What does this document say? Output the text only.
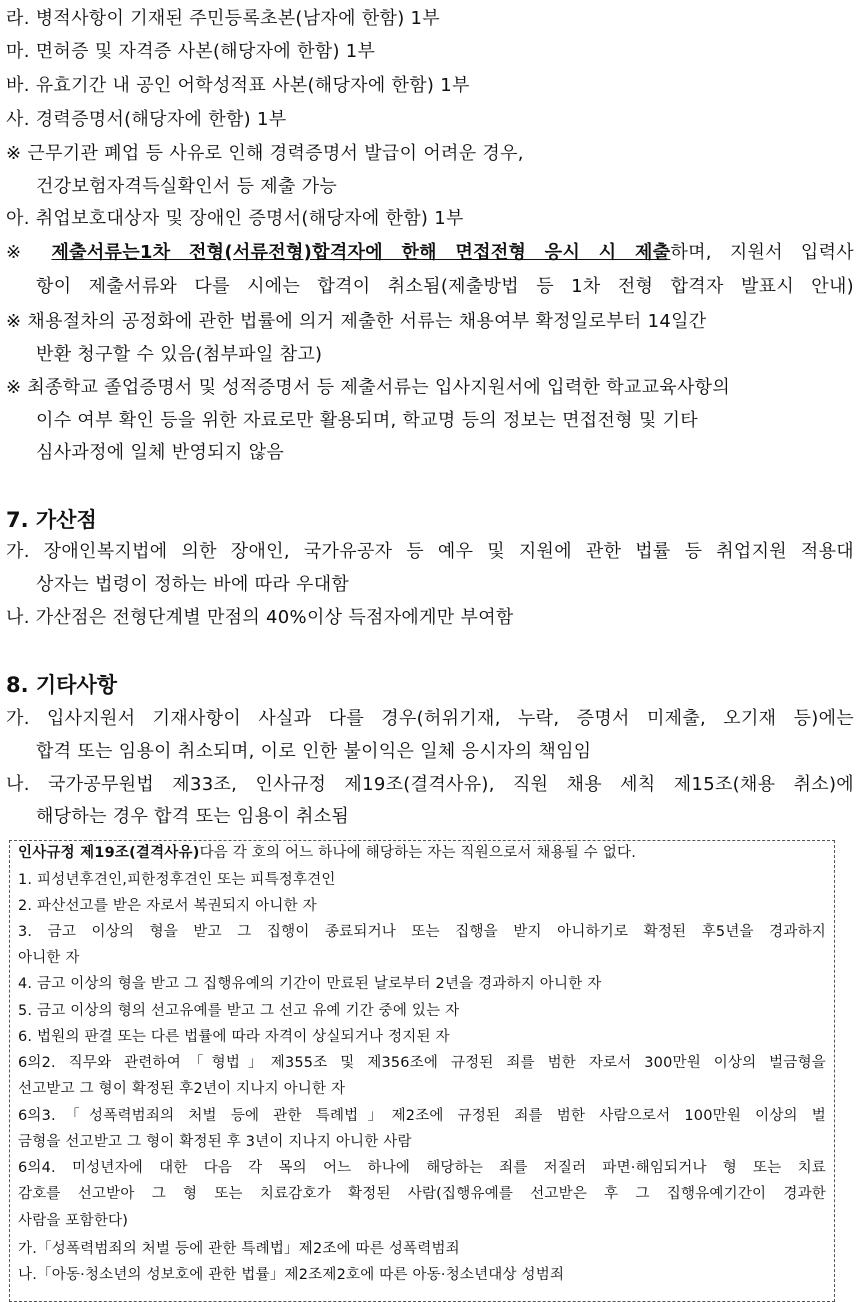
라. 병적사항이 기재된 주민등록초본(남자에 한함) 1부
마. 면허증 및 자격증 사본(해당자에 한함) 1부
바. 유효기간 내 공인 어학성적표 사본(해당자에 한함) 1부
사. 경력증명서(해당자에 한함) 1부
※ 근무기관 폐업 등 사유로 인해 경력증명서 발급이 어려운 경우,
건강보험자격득실확인서 등 제출 가능
아. 취업보호대상자 및 장애인 증명서(해당자에 한함) 1부
※ 제출서류는1차 전형(서류전형)합격자에 한해 면접전형 응시 시 제출하며, 지원서 입력사
항이 제출서류와 다를 시에는 합격이 취소됨(제출방법 등 1차 전형 합격자 발표시 안내)
※ 채용절차의 공정화에 관한 법률에 의거 제출한 서류는 채용여부 확정일로부터 14일간
반환 청구할 수 있음(첨부파일 참고)
※ 최종학교 졸업증명서 및 성적증명서 등 제출서류는 입사지원서에 입력한 학교교육사항의
이수 여부 확인 등을 위한 자료로만 활용되며, 학교명 등의 정보는 면접전형 및 기타
심사과정에 일체 반영되지 않음
7. 가산점
가. 장애인복지법에 의한 장애인, 국가유공자 등 예우 및 지원에 관한 법률 등 취업지원 적용대
상자는 법령이 정하는 바에 따라 우대함
나. 가산점은 전형단계별 만점의 40%이상 득점자에게만 부여함
8. 기타사항
가. 입사지원서 기재사항이 사실과 다를 경우(허위기재, 누락, 증명서 미제출, 오기재 등)에는
합격 또는 임용이 취소되며, 이로 인한 불이익은 일체 응시자의 책임임
나. 국가공무원법 제33조, 인사규정 제19조(결격사유), 직원 채용 세칙 제15조(채용 취소)에
해당하는 경우 합격 또는 임용이 취소됨
인사규정 제19조(결격사유)다음 각 호의 어느 하나에 해당하는 자는 직원으로서 채용될 수 없다.
1. 피성년후견인,피한정후견인 또는 피특정후견인
2. 파산선고를 받은 자로서 복권되지 아니한 자
3. 금고 이상의 형을 받고 그 집행이 종료되거나 또는 집행을 받지 아니하기로 확정된 후5년을 경과하지
아니한 자
4. 금고 이상의 형을 받고 그 집행유예의 기간이 만료된 날로부터 2년을 경과하지 아니한 자
5. 금고 이상의 형의 선고유예를 받고 그 선고 유예 기간 중에 있는 자
6. 법원의 판결 또는 다른 법률에 따라 자격이 상실되거나 정지된 자
6의2. 직무와 관련하여「형법」제355조 및 제356조에 규정된 죄를 범한 자로서 300만원 이상의 벌금형을
선고받고 그 형이 확정된 후2년이 지나지 아니한 자
6의3.「성폭력범죄의 처벌 등에 관한 특례법」제2조에 규정된 죄를 범한 사람으로서 100만원 이상의 벌
금형을 선고받고 그 형이 확정된 후 3년이 지나지 아니한 사람
6의4. 미성년자에 대한 다음 각 목의 어느 하나에 해당하는 죄를 저질러 파면·해임되거나 형 또는 치료
감호를 선고받아 그 형 또는 치료감호가 확정된 사람(집행유예를 선고받은 후 그 집행유예기간이 경과한
사람을 포함한다)
가.「성폭력범죄의 처벌 등에 관한 특례법」제2조에 따른 성폭력범죄
나.「아동·청소년의 성보호에 관한 법률」제2조제2호에 따른 아동·청소년대상 성범죄
